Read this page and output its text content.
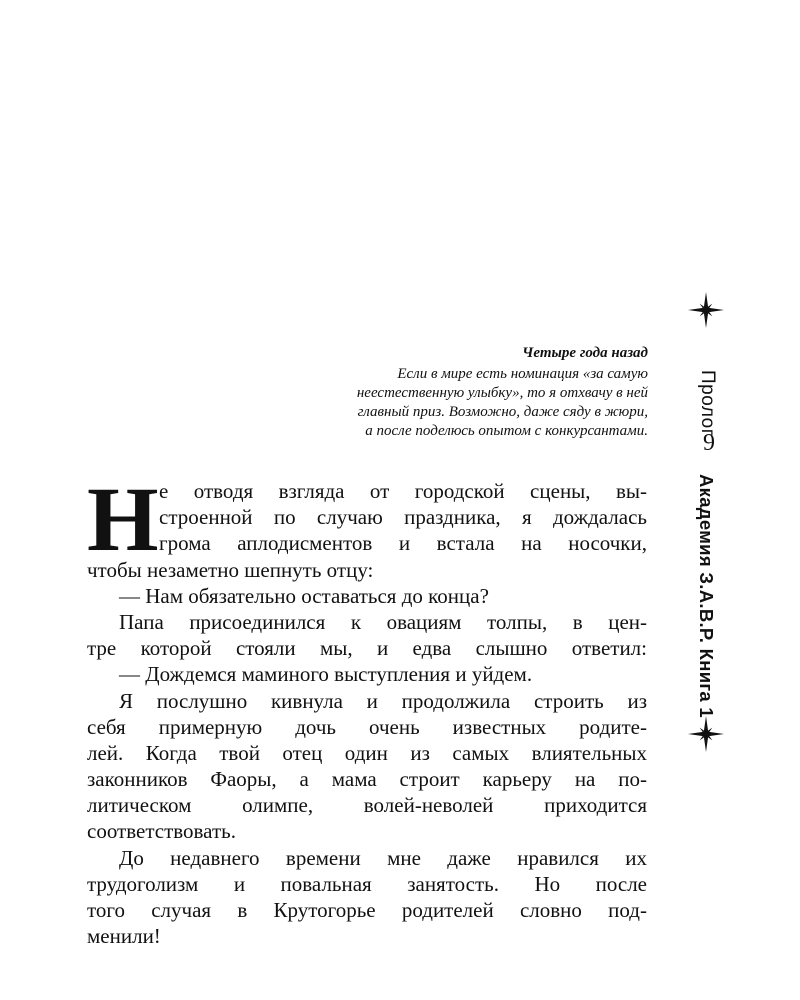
Четыре года назад
Если в мире есть номинация «за самую
неестественную улыбку», то я отхвачу в ней
главный приз. Возможно, даже сяду в жюри,
а после поделюсь опытом с конкурсантами.
Н е отводя взгляда от городской сцены, вы-
строенной по случаю праздника, я дождалась
грома аплодисментов и встала на носочки,
чтобы незаметно шепнуть отцу:
— Нам обязательно оставаться до конца?
Папа присоединился к овациям толпы, в цен-
тре которой стояли мы, и едва слышно ответил:
— Дождемся маминого выступления и уйдем.
Я послушно кивнула и продолжила строить из
себя примерную дочь очень известных родите-
лей. Когда твой отец один из самых влиятельных
законников Фаоры, а мама строит карьеру на по-
литическом олимпе, волей-неволей приходится
соответствовать.
До недавнего времени мне даже нравился их
трудоголизм и повальная занятость. Но после
того случая в Крутогорье родителей словно под-
менили!
Пролог
9
Академия З.А.В.Р. Книга 1
